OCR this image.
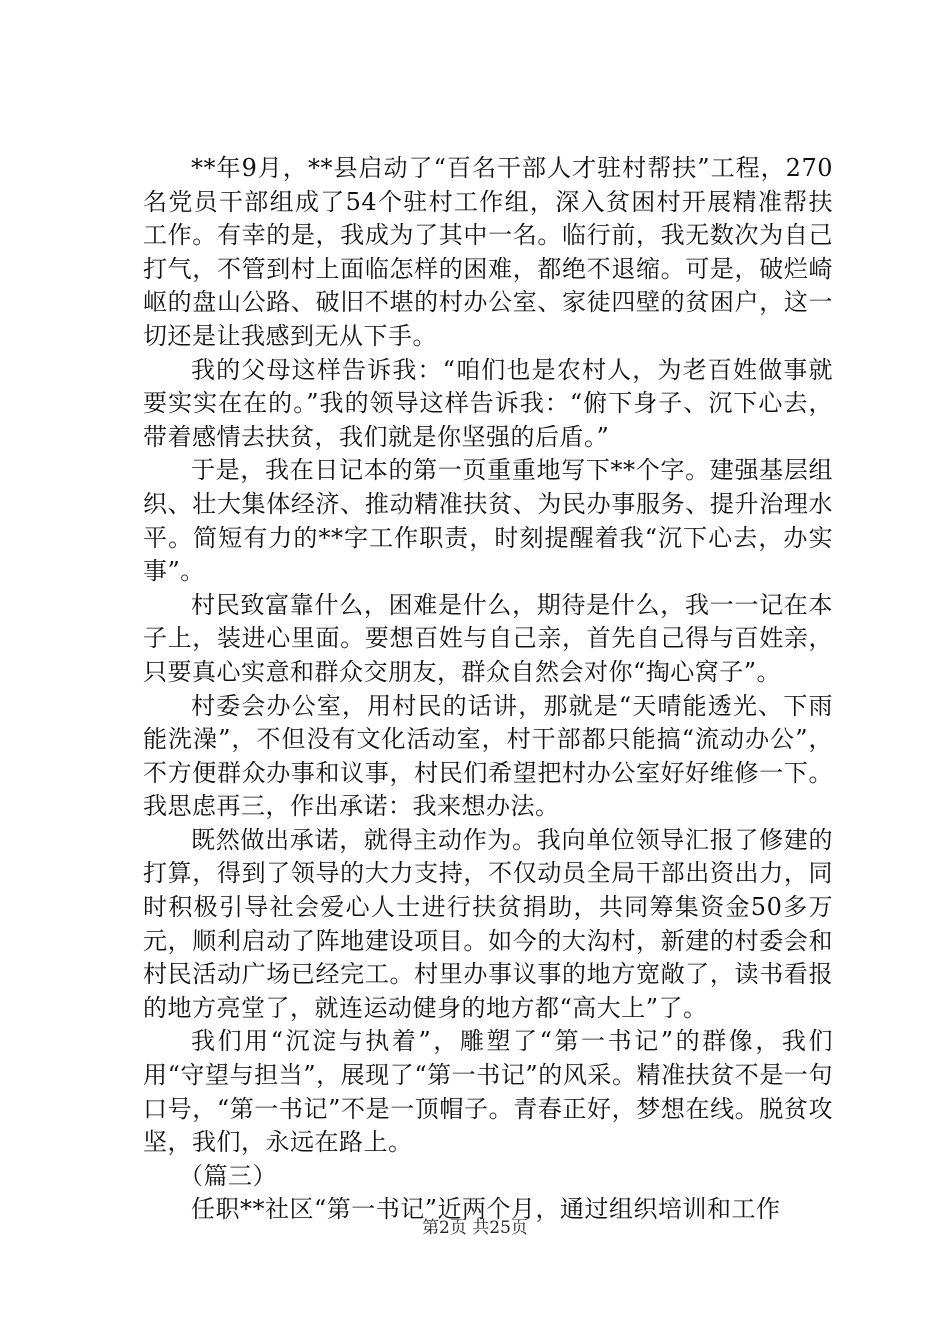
**年9月，**县启动了“百名干部人才驻村帮扶”工程，270名党员干部组成了54个驻村工作组，深入贫困村开展精准帮扶工作。有幸的是，我成为了其中一名。临行前，我无数次为自己打气，不管到村上面临怎样的困难，都绝不退缩。可是，破烂崎岖的盘山公路、破旧不堪的村办公室、家徒四壁的贫困户，这一切还是让我感到无从下手。

我的父母这样告诉我：“咱们也是农村人，为老百姓做事就要实实在在的。”我的领导这样告诉我：“俯下身子、沉下心去，带着感情去扶贫，我们就是你坚强的后盾。”

于是，我在日记本的第一页重重地写下**个字。建强基层组织、壮大集体经济、推动精准扶贫、为民办事服务、提升治理水平。简短有力的**字工作职责，时刻提醒着我“沉下心去，办实事”。

村民致富靠什么，困难是什么，期待是什么，我一一记在本子上，装进心里面。要想百姓与自己亲，首先自己得与百姓亲，只要真心实意和群众交朋友，群众自然会对你“掏心窝子”。

村委会办公室，用村民的话讲，那就是“天晴能透光、下雨能洗澡”，不但没有文化活动室，村干部都只能搞“流动办公”，不方便群众办事和议事，村民们希望把村办公室好好维修一下。我思虑再三，作出承诺：我来想办法。

既然做出承诺，就得主动作为。我向单位领导汇报了修建的打算，得到了领导的大力支持，不仅动员全局干部出资出力，同时积极引导社会爱心人士进行扶贫捐助，共同筹集资金50多万元，顺利启动了阵地建设项目。如今的大沟村，新建的村委会和村民活动广场已经完工。村里办事议事的地方宽敞了，读书看报的地方亮堂了，就连运动健身的地方都“高大上”了。

我们用“沉淀与执着”，雕塑了“第一书记”的群像，我们用“守望与担当”，展现了“第一书记”的风采。精准扶贫不是一句口号，“第一书记”不是一顶帽子。青春正好，梦想在线。脱贫攻坚，我们，永远在路上。

（篇三）

任职**社区“第一书记”近两个月，通过组织培训和工作

第2页 共25页
